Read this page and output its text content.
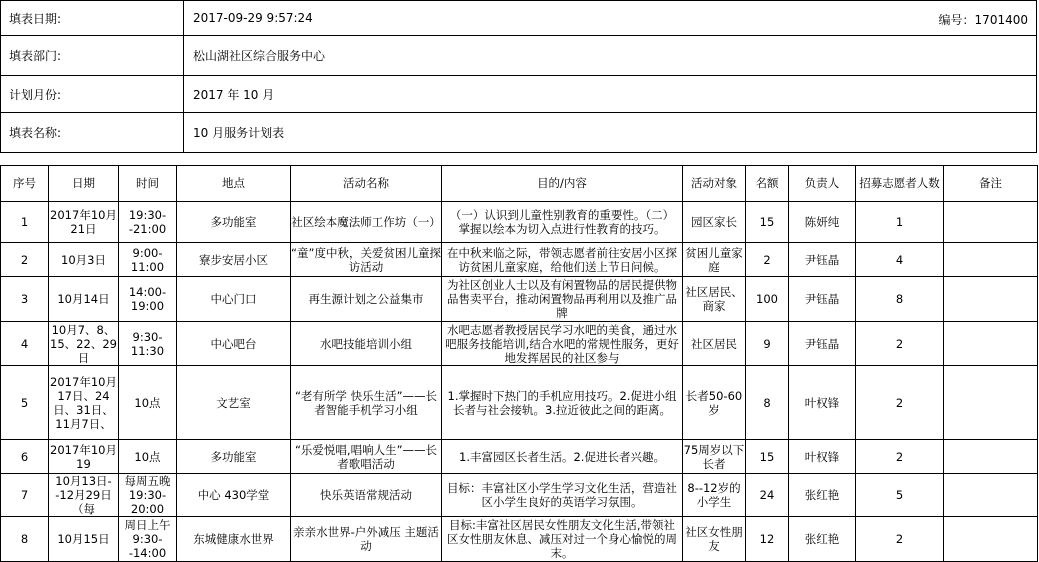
填表日期:	2017-09-29 9:57:24 编号：1701400

填表部门:	松山湖社区综合服务中心
计划月份:	2017 年 10 月
填表名称:	10 月服务计划表
序号	日期	时间	地点	活动名称	目的/内容	活动对象	名额	负责人	招募志愿者人数	备注
1	2017年10月21日	19:30--21:00	多功能室	社区绘本魔法师工作坊（一）	（一）认识到儿童性别教育的重要性。（二）掌握以绘本为切入点进行性教育的技巧。	园区家长	15	陈妍纯	1	
2	10月3日	9:00-11:00	寮步安居小区	“童”度中秋，关爱贫困儿童探访活动	在中秋来临之际，带领志愿者前往安居小区探访贫困儿童家庭，给他们送上节日问候。	贫困儿童家庭	2	尹钰晶	4	
3	10月14日	14:00-19:00	中心门口	再生源计划之公益集市	为社区创业人士以及有闲置物品的居民提供物品售卖平台，推动闲置物品再利用以及推广品牌	社区居民、商家	100	尹钰晶	8	
4	10月7、8、15、22、29日	9:30-11:30	中心吧台	水吧技能培训小组	水吧志愿者教授居民学习水吧的美食，通过水吧服务技能培训,结合水吧的常规性服务，更好地发挥居民的社区参与	社区居民	9	尹钰晶	2	
5	2017年10月17日、24日、31日、11月7日、	10点	文艺室	“老有所学 快乐生活”——长者智能手机学习小组	1.掌握时下热门的手机应用技巧。2.促进小组长者与社会接轨。3.拉近彼此之间的距离。	长者50-60岁	8	叶权锋	2	
6	2017年10月19	10点	多功能室	“乐爱悦唱,唱响人生”——长者歌唱活动	1.丰富园区长者生活。2.促进长者兴趣。	75周岁以下长者	15	叶权锋	2	
7	10月13日--12月29日（每	每周五晚19:30-20:00	中心 430学堂	快乐英语常规活动	目标：丰富社区小学生学习文化生活，营造社区小学生良好的英语学习氛围。	8--12岁的小学生	24	张红艳	5	
8	10月15日	周日上午9:30--14:00	东城健康水世界	亲亲水世界-户外减压 主题活动	目标:丰富社区居民女性朋友文化生活,带领社区女性朋友休息、减压对过一个身心愉悦的周末。	社区女性朋友	12	张红艳	2	
